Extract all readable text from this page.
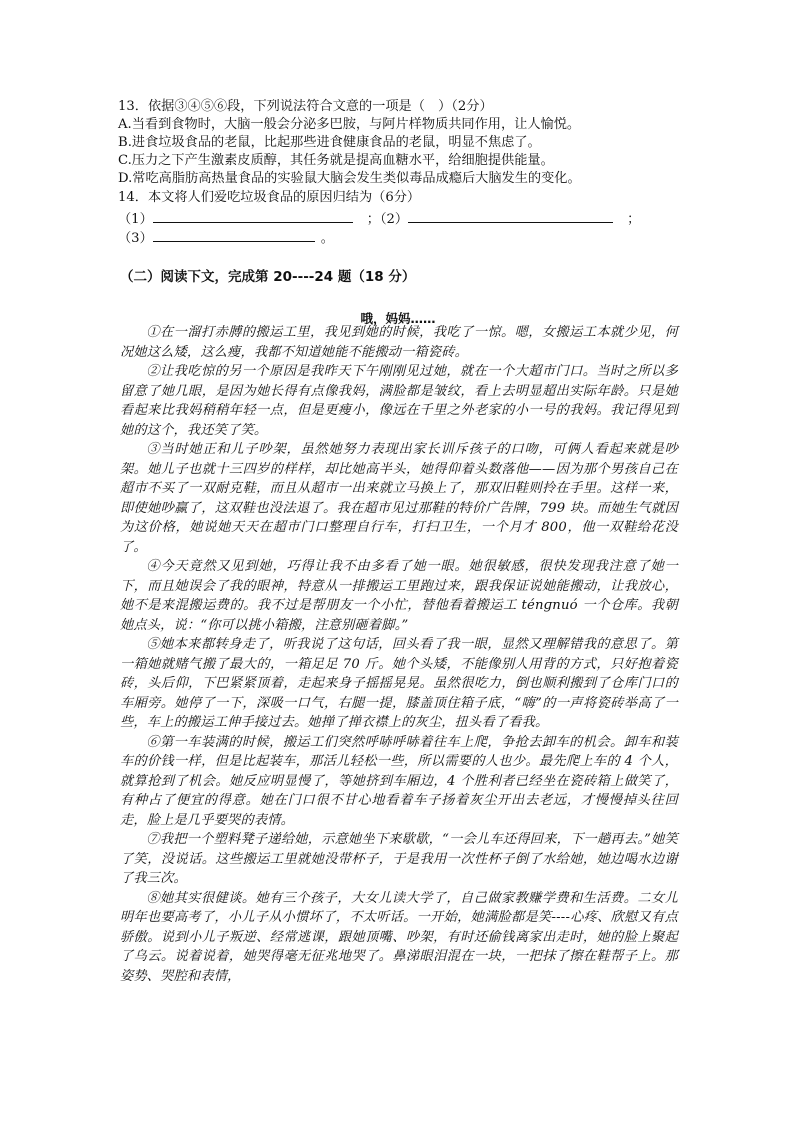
13．依据③④⑤⑥段，下列说法符合文意的一项是（　）（2分）
A.当看到食物时，大脑一般会分泌多巴胺，与阿片样物质共同作用，让人愉悦。
B.进食垃圾食品的老鼠，比起那些进食健康食品的老鼠，明显不焦虑了。
C.压力之下产生激素皮质醇，其任务就是提高血糖水平，给细胞提供能量。
D.常吃高脂肪高热量食品的实验鼠大脑会发生类似毒品成瘾后大脑发生的变化。
14．本文将人们爱吃垃圾食品的原因归结为（6分）
（1）	；（2）	；
（3）	。
（二）阅读下文，完成第 20----24 题（18 分）
哦，妈妈……

①在一溜打赤膊的搬运工里，我见到她的时候，我吃了一惊。嗯，女搬运工本就少见，何况她这么矮，这么瘦，我都不知道她能不能搬动一箱瓷砖。

②让我吃惊的另一个原因是我昨天下午刚刚见过她，就在一个大超市门口。当时之所以多留意了她几眼，是因为她长得有点像我妈，满脸都是皱纹，看上去明显超出实际年龄。只是她看起来比我妈稍稍年轻一点，但是更瘦小，像远在千里之外老家的小一号的我妈。我记得见到她的这个，我还笑了笑。

③当时她正和儿子吵架，虽然她努力表现出家长训斥孩子的口吻，可俩人看起来就是吵架。她儿子也就十三四岁的样样，却比她高半头，她得仰着头数落他——因为那个男孩自己在超市不买了一双耐克鞋，而且从超市一出来就立马换上了，那双旧鞋则拎在手里。这样一来，即使她吵赢了，这双鞋也没法退了。我在超市见过那鞋的特价广告牌，799 块。而她生气就因为这价格，她说她天天在超市门口整理自行车，打扫卫生，一个月才 800，他一双鞋给花没了。

④今天竟然又见到她，巧得让我不由多看了她一眼。她很敏感，很快发现我注意了她一下，而且她误会了我的眼神，特意从一排搬运工里跑过来，跟我保证说她能搬动，让我放心，她不是来混搬运费的。我不过是帮朋友一个小忙，替他看着搬运工 ténɡnuó 一个仓库。我朝她点头，说：“你可以挑小箱搬，注意别砸着脚。”

⑤她本来都转身走了，听我说了这句话，回头看了我一眼，显然又理解错我的意思了。第一箱她就赌气搬了最大的，一箱足足 70 斤。她个头矮，不能像别人用背的方式，只好抱着瓷砖，头后仰，下巴紧紧顶着，走起来身子摇摇晃晃。虽然很吃力，倒也顺利搬到了仓库门口的车厢旁。她停了一下，深吸一口气，右腿一提，膝盖顶住箱子底，“嗨”的一声将瓷砖举高了一些，车上的搬运工伸手接过去。她掸了掸衣襟上的灰尘，扭头看了看我。

⑥第一车装满的时候，搬运工们突然呼哧呼哧着往车上爬，争抢去卸车的机会。卸车和装车的价钱一样，但是比起装车，那活儿轻松一些，所以需要的人也少。最先爬上车的 4 个人，就算抢到了机会。她反应明显慢了，等她挤到车厢边，4 个胜利者已经坐在瓷砖箱上做笑了，有种占了便宜的得意。她在门口很不甘心地看着车子扬着灰尘开出去老远，才慢慢掉头往回走，脸上是几乎要哭的表情。

⑦我把一个塑料凳子递给她，示意她坐下来歇歇，“一会儿车还得回来，下一趟再去。”她笑了笑，没说话。这些搬运工里就她没带杯子，于是我用一次性杯子倒了水给她，她边喝水边谢了我三次。

⑧她其实很健谈。她有三个孩子，大女儿读大学了，自己做家教赚学费和生活费。二女儿明年也要高考了，小儿子从小惯坏了，不太听话。一开始，她满脸都是笑----心疼、欣慰又有点骄傲。说到小儿子叛逆、经常逃课，跟她顶嘴、吵架，有时还偷钱离家出走时，她的脸上聚起了乌云。说着说着，她哭得毫无征兆地哭了。鼻涕眼泪混在一块，一把抹了擦在鞋帮子上。那姿势、哭腔和表情，
